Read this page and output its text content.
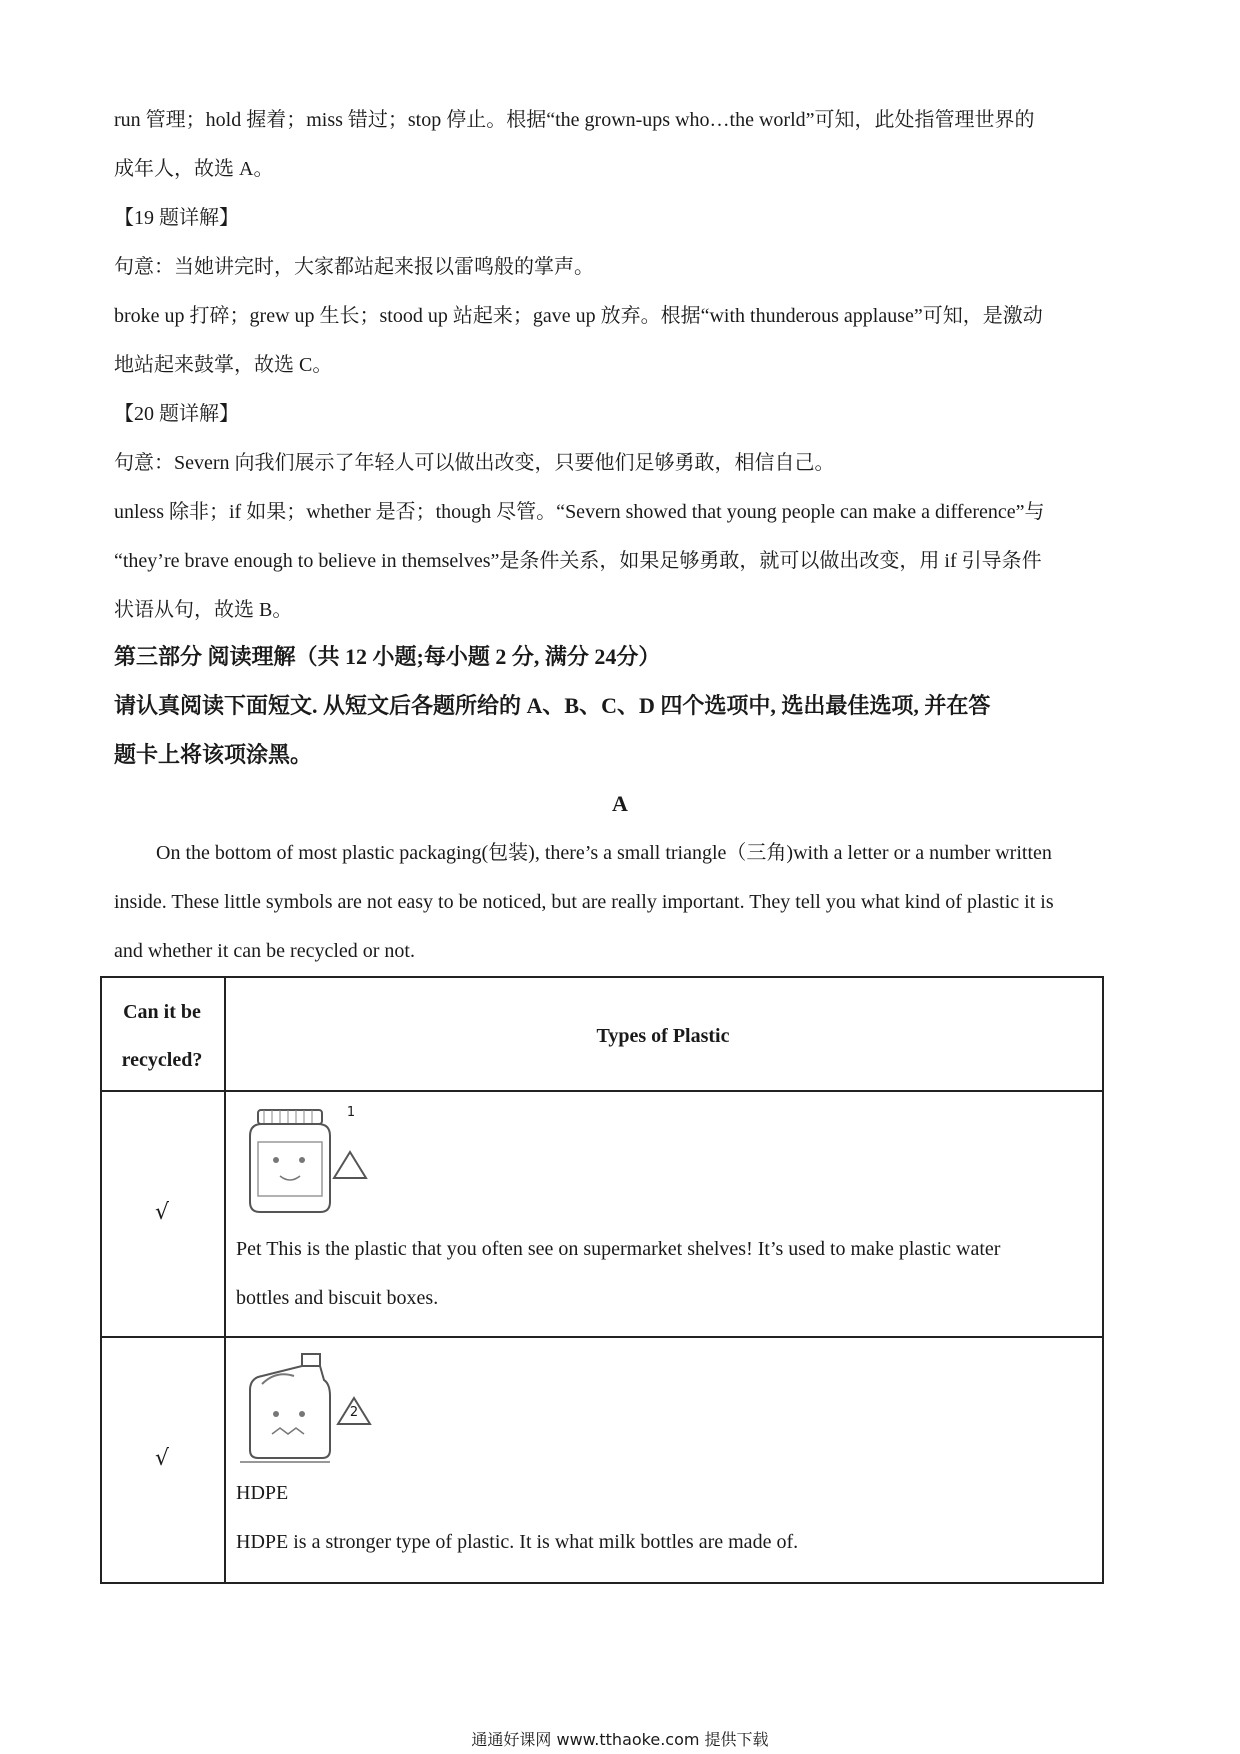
run 管理；hold 握着；miss 错过；stop 停止。根据“the grown-ups who…the world”可知，此处指管理世界的
成年人，故选 A。
【19 题详解】
句意：当她讲完时，大家都站起来报以雷鸣般的掌声。
broke up 打碎；grew up 生长；stood up 站起来；gave up 放弃。根据“with thunderous applause”可知，是激动
地站起来鼓掌，故选 C。
【20 题详解】
句意：Severn 向我们展示了年轻人可以做出改变，只要他们足够勇敢，相信自己。
unless 除非；if 如果；whether 是否；though 尽管。“Severn showed that young people can make a difference”与
“they’re brave enough to believe in themselves”是条件关系，如果足够勇敢，就可以做出改变，用 if 引导条件
状语从句，故选 B。
第三部分 阅读理解（共 12 小题;每小题 2 分, 满分 24分）
请认真阅读下面短文. 从短文后各题所给的 A、B、C、D 四个选项中, 选出最佳选项, 并在答
题卡上将该项涂黑。
A
On the bottom of most plastic packaging(包装), there’s a small triangle（三角)with a letter or a number written
inside. These little symbols are not easy to be noticed, but are really important. They tell you what kind of plastic it is
and whether it can be recycled or not.
Can it be
recycled?
Types of Plastic
√
1
Pet This is the plastic that you often see on supermarket shelves! It’s used to make plastic water
bottles and biscuit boxes.
√
2
HDPE
HDPE is a stronger type of plastic. It is what milk bottles are made of.
通通好课网 www.tthaoke.com 提供下载
